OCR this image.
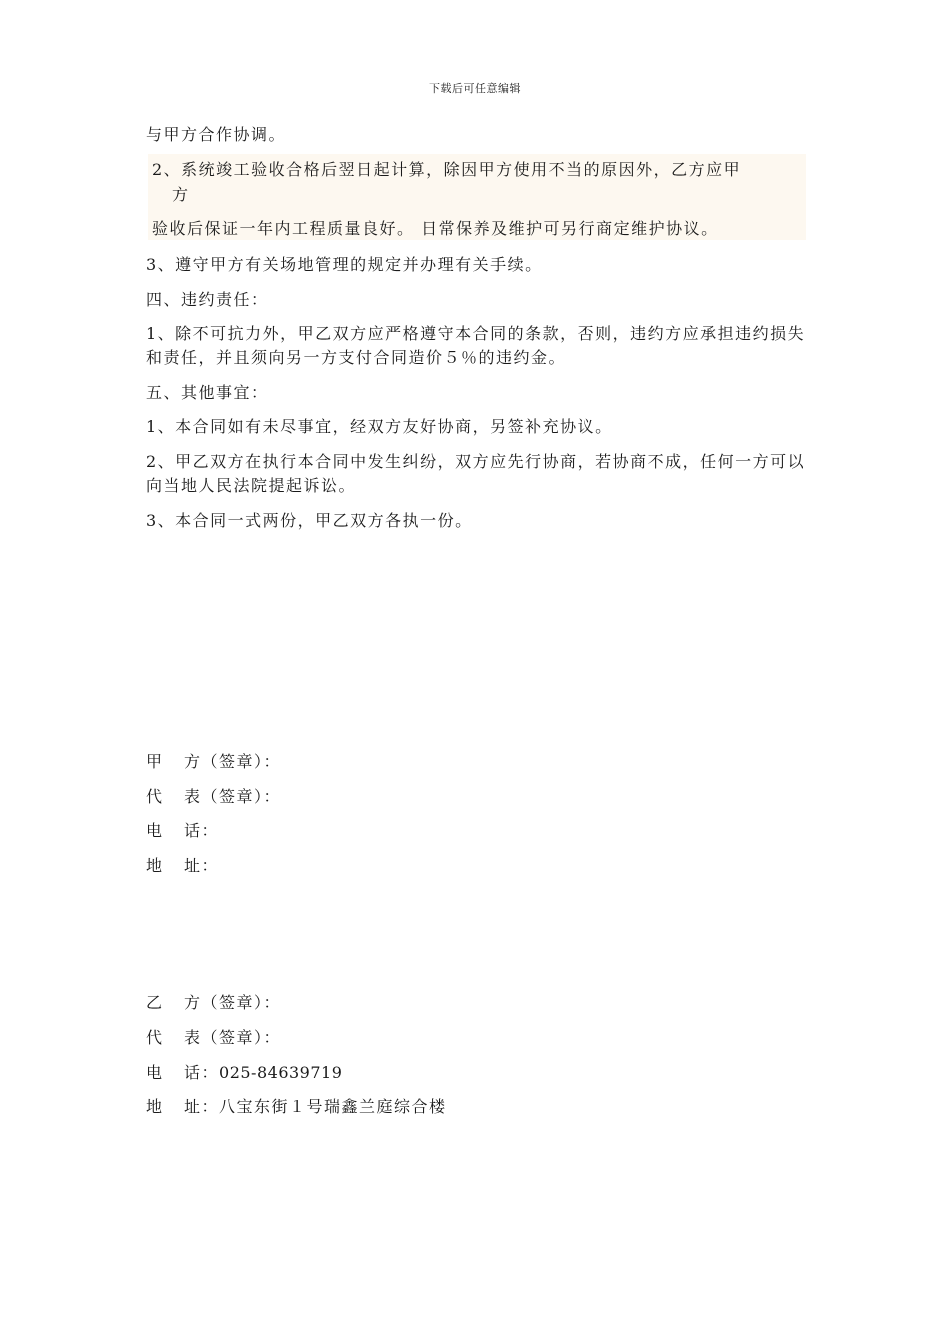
下载后可任意编辑
与甲方合作协调。
2、系统竣工验收合格后翌日起计算，除因甲方使用不当的原因外，乙方应甲
方
验收后保证一年内工程质量良好。 日常保养及维护可另行商定维护协议。
3、遵守甲方有关场地管理的规定并办理有关手续。
四、违约责任：
1、除不可抗力外，甲乙双方应严格遵守本合同的条款，否则，违约方应承担违约损失和责任，并且须向另一方支付合同造价５％的违约金。
五、其他事宜：
1、本合同如有未尽事宜，经双方友好协商，另签补充协议。
2、甲乙双方在执行本合同中发生纠纷，双方应先行协商，若协商不成，任何一方可以向当地人民法院提起诉讼。
3、本合同一式两份，甲乙双方各执一份。
甲 方（签章）：
代 表（签章）：
电 话：
地 址：
乙 方（签章）：
代 表（签章）：
电 话：025-84639719
地 址：八宝东街１号瑞鑫兰庭综合楼
